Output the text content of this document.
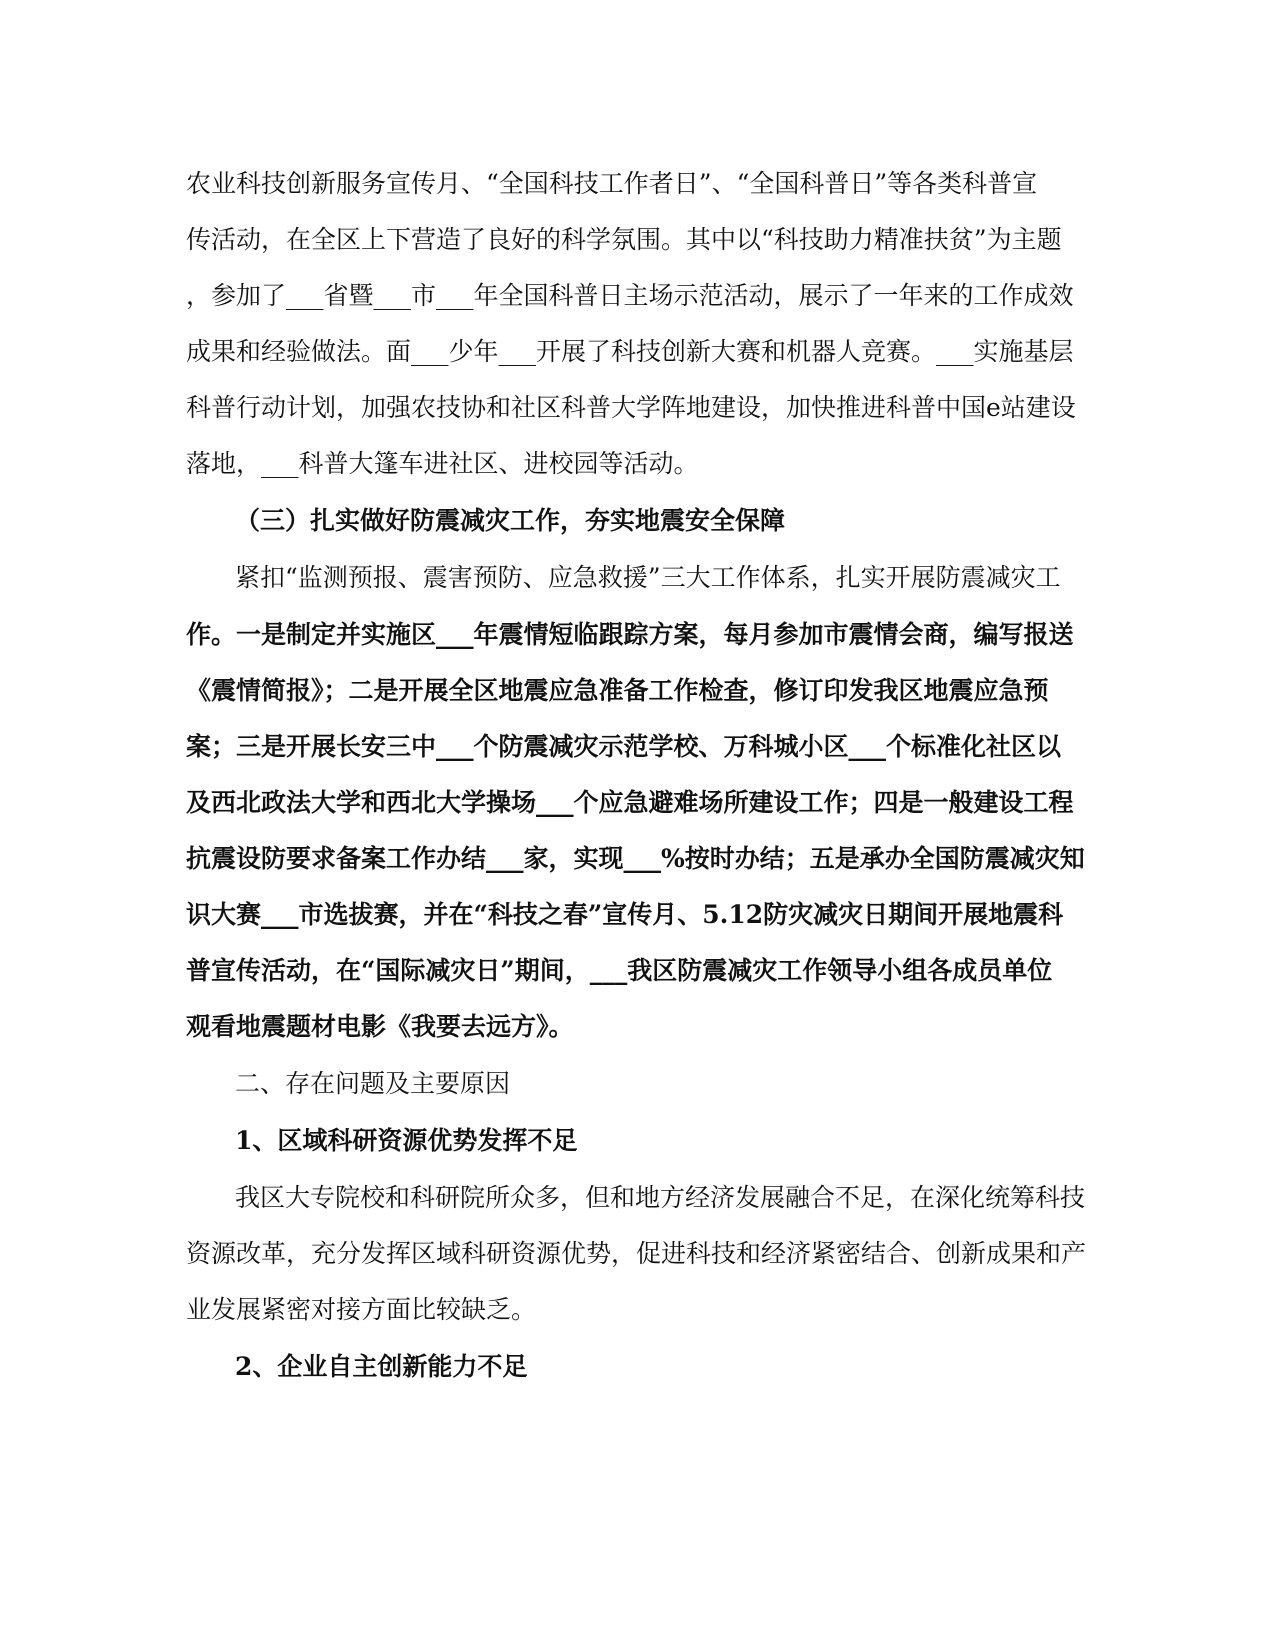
农业科技创新服务宣传月、“全国科技工作者日”、“全国科普日”等各类科普宣
传活动，在全区上下营造了良好的科学氛围。其中以“科技助力精准扶贫”为主题
，参加了___省暨___市___年全国科普日主场示范活动，展示了一年来的工作成效
成果和经验做法。面___少年___开展了科技创新大赛和机器人竞赛。___实施基层
科普行动计划，加强农技协和社区科普大学阵地建设，加快推进科普中国e站建设
落地，___科普大篷车进社区、进校园等活动。
（三）扎实做好防震减灾工作，夯实地震安全保障
紧扣“监测预报、震害预防、应急救援”三大工作体系，扎实开展防震减灾工
作。一是制定并实施区___年震情短临跟踪方案，每月参加市震情会商，编写报送
《震情简报》；二是开展全区地震应急准备工作检查，修订印发我区地震应急预
案；三是开展长安三中___个防震减灾示范学校、万科城小区___个标准化社区以
及西北政法大学和西北大学操场___个应急避难场所建设工作；四是一般建设工程
抗震设防要求备案工作办结___家，实现___%按时办结；五是承办全国防震减灾知
识大赛___市选拔赛，并在“科技之春”宣传月、5.12防灾减灾日期间开展地震科
普宣传活动，在“国际减灾日”期间，___我区防震减灾工作领导小组各成员单位
观看地震题材电影《我要去远方》。
二、存在问题及主要原因
1、区域科研资源优势发挥不足
我区大专院校和科研院所众多，但和地方经济发展融合不足，在深化统筹科技
资源改革，充分发挥区域科研资源优势，促进科技和经济紧密结合、创新成果和产
业发展紧密对接方面比较缺乏。
2、企业自主创新能力不足
